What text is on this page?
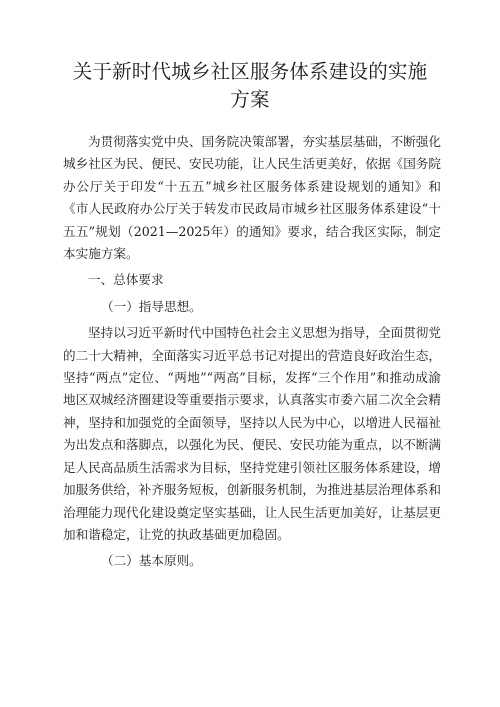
关于新时代城乡社区服务体系建设的实施
方案

为贯彻落实党中央、国务院决策部署，夯实基层基础，不断强化城乡社区为民、便民、安民功能，让人民生活更美好，依据《国务院办公厅关于印发“十五五”城乡社区服务体系建设规划的通知》和《市人民政府办公厅关于转发市民政局市城乡社区服务体系建设“十五五”规划（2021—2025年）的通知》要求，结合我区实际，制定本实施方案。

一、总体要求

（一）指导思想。

坚持以习近平新时代中国特色社会主义思想为指导，全面贯彻党的二十大精神，全面落实习近平总书记对提出的营造良好政治生态，坚持“两点”定位、“两地”“两高”目标，发挥“三个作用”和推动成渝地区双城经济圈建设等重要指示要求，认真落实市委六届二次全会精神，坚持和加强党的全面领导，坚持以人民为中心，以增进人民福祉为出发点和落脚点，以强化为民、便民、安民功能为重点，以不断满足人民高品质生活需求为目标，坚持党建引领社区服务体系建设，增加服务供给，补齐服务短板，创新服务机制，为推进基层治理体系和治理能力现代化建设奠定坚实基础，让人民生活更加美好，让基层更加和谐稳定，让党的执政基础更加稳固。

（二）基本原则。
